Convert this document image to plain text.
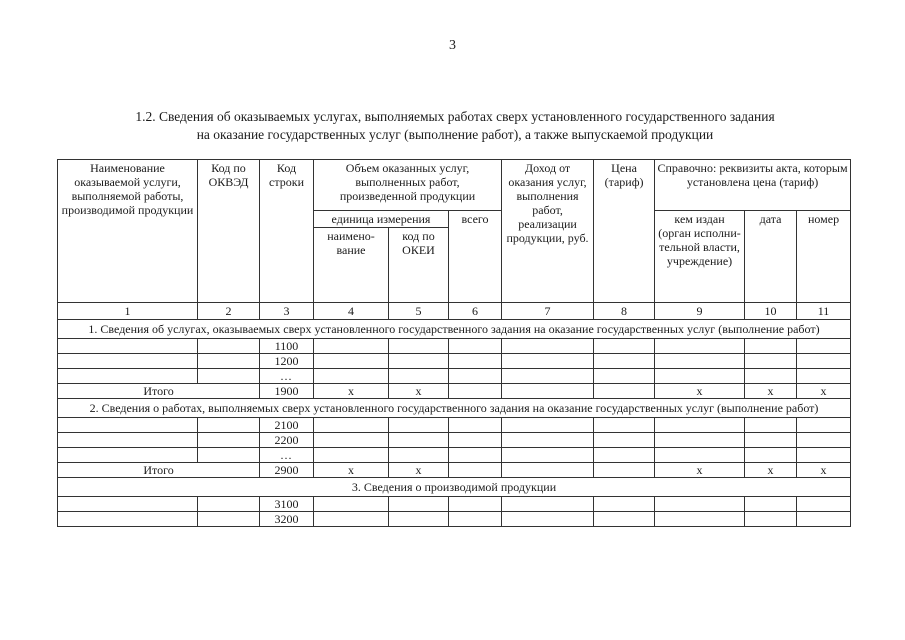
3
1.2. Сведения об оказываемых услугах, выполняемых работах сверх установленного государственного задания
на оказание государственных услуг (выполнение работ), а также выпускаемой продукции
Наименование оказываемой услуги, выполняемой работы, производимой продукции	Код по ОКВЭД	Код строки	Объем оказанных услуг, выполненных работ, произведенной продукции			Доход от оказания услуг, выполнения работ, реализации продукции, руб.	Цена (тариф)	Справочно: реквизиты акта, которым установлена цена (тариф)		
			единица измерения		всего			кем издан (орган исполни-тельной власти, учреждение)	дата	номер
			наимено-вание	код по ОКЕИ						

1	2	3	4	5	6	7	8	9	10	11
1. Сведения об услугах, оказываемых сверх установленного государственного задания на оказание государственных услуг (выполнение работ)										
		1100								
		1200								
		...								
Итого		1900	x	x				x	x	x
2. Сведения о работах, выполняемых сверх установленного государственного задания на оказание государственных услуг (выполнение работ)										
		2100								
		2200								
		...								
Итого		2900	x	x				x	x	x
3. Сведения о производимой продукции										
		3100								
		3200								
